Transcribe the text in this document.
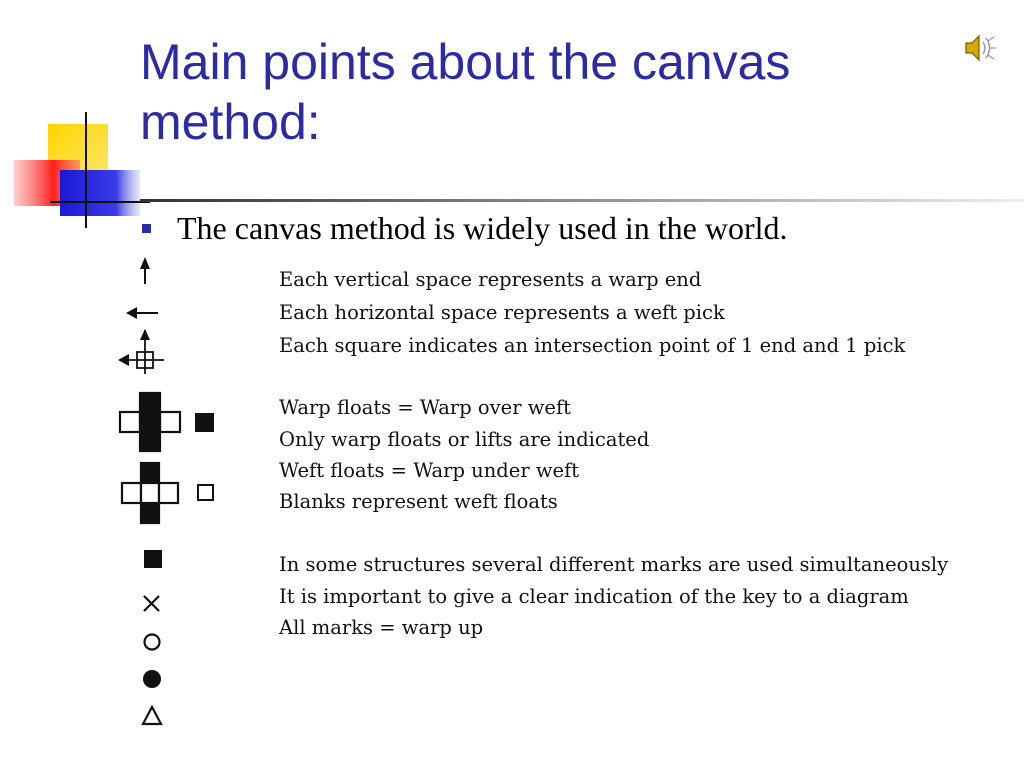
Main points about the canvas method:
The canvas method is widely used in the world.
Each vertical space represents a warp end
Each horizontal space represents a weft pick
Each square indicates an intersection point of 1 end and 1 pick
Warp floats = Warp over weft
Only warp floats or lifts are indicated
Weft floats = Warp under weft
Blanks represent weft floats
In some structures several different marks are used simultaneously
It is important to give a clear indication of the key to a diagram
All marks = warp up
